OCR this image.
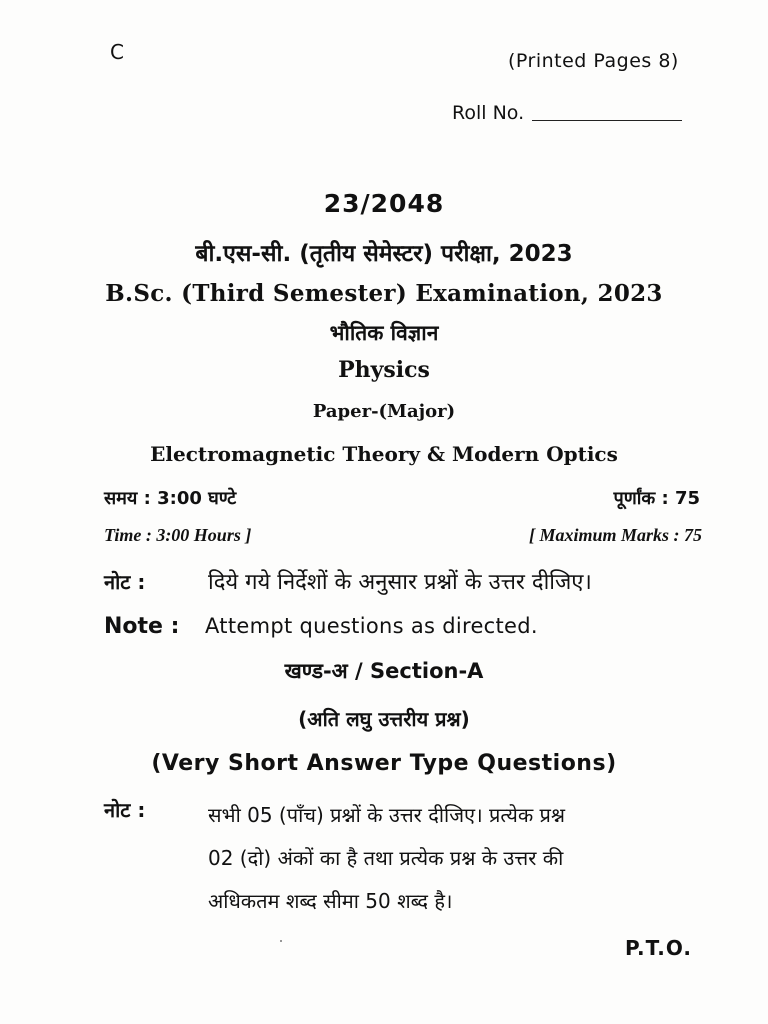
C	(Printed Pages 8)
Roll No.
23/2048
बी.एस-सी. (तृतीय सेमेस्टर) परीक्षा, 2023
B.Sc. (Third Semester) Examination, 2023
भौतिक विज्ञान
Physics
Paper-(Major)
Electromagnetic Theory & Modern Optics
समय : 3:00 घण्टे	पूर्णांक : 75
Time : 3:00 Hours ]	[ Maximum Marks : 75
नोट :	दिये गये निर्देशों के अनुसार प्रश्नों के उत्तर दीजिए।
Note : Attempt questions as directed.
खण्ड-अ / Section-A
(अति लघु उत्तरीय प्रश्न)
(Very Short Answer Type Questions)
नोट :	सभी 05 (पाँच) प्रश्नों के उत्तर दीजिए। प्रत्येक प्रश्न
02 (दो) अंकों का है तथा प्रत्येक प्रश्न के उत्तर की
अधिकतम शब्द सीमा 50 शब्द है।
P.T.O.
